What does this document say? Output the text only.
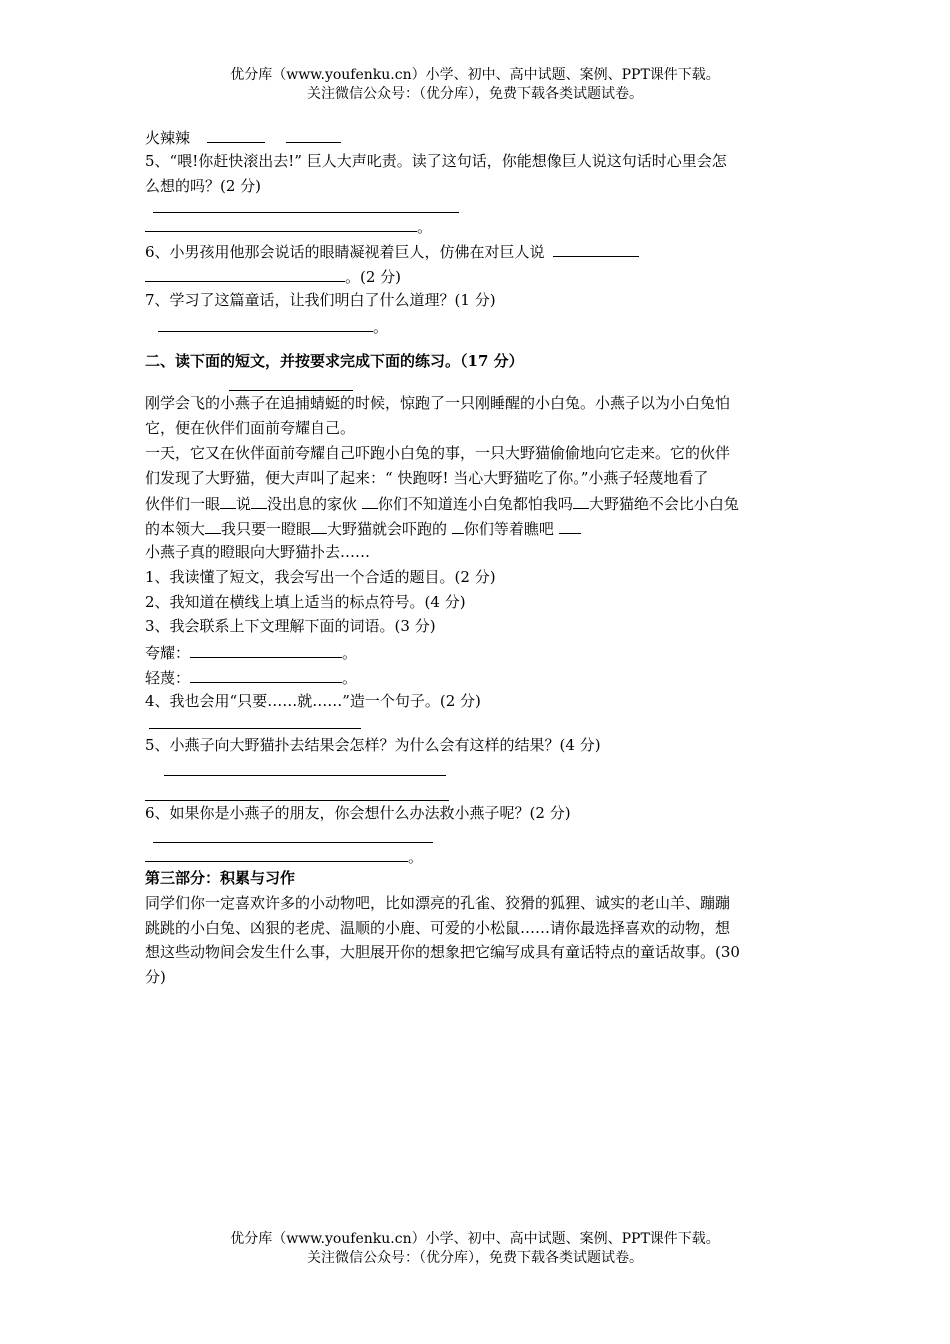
优分库（www.youfenku.cn）小学、初中、高中试题、案例、PPT课件下载。
关注微信公众号：（优分库），免费下载各类试题试卷。
火辣辣
5、“喂!你赶快滚出去!” 巨人大声叱责。读了这句话，你能想像巨人说这句话时心里会怎
么想的吗？(2 分)
。
6、小男孩用他那会说话的眼睛凝视着巨人，仿佛在对巨人说
。(2 分)
7、学习了这篇童话，让我们明白了什么道理？(1 分)
。
二、读下面的短文，并按要求完成下面的练习。（17 分）
刚学会飞的小燕子在追捕蜻蜓的时候，惊跑了一只刚睡醒的小白兔。小燕子以为小白兔怕
它，便在伙伴们面前夸耀自己。
一天，它又在伙伴面前夸耀自己吓跑小白兔的事，一只大野猫偷偷地向它走来。它的伙伴
们发现了大野猫，便大声叫了起来：“ 快跑呀! 当心大野猫吃了你。”小燕子轻蔑地看了
伙伴们一眼 说 没出息的家伙 你们不知道连小白兔都怕我吗 大野猫绝不会比小白兔
的本领大 我只要一瞪眼 大野猫就会吓跑的 你们等着瞧吧
小燕子真的瞪眼向大野猫扑去……
1、我读懂了短文，我会写出一个合适的题目。(2 分)
2、我知道在横线上填上适当的标点符号。(4 分)
3、我会联系上下文理解下面的词语。(3 分)
夸耀：	。
轻蔑：	。
4、我也会用“只要……就……”造一个句子。(2 分)
5、小燕子向大野猫扑去结果会怎样？为什么会有这样的结果？(4 分)
6、如果你是小燕子的朋友，你会想什么办法救小燕子呢？(2 分)
。
第三部分：积累与习作
同学们你一定喜欢许多的小动物吧，比如漂亮的孔雀、狡猾的狐狸、诚实的老山羊、蹦蹦
跳跳的小白兔、凶狠的老虎、温顺的小鹿、可爱的小松鼠……请你最选择喜欢的动物，想
想这些动物间会发生什么事，大胆展开你的想象把它编写成具有童话特点的童话故事。(30
分)
优分库（www.youfenku.cn）小学、初中、高中试题、案例、PPT课件下载。
关注微信公众号：（优分库），免费下载各类试题试卷。
